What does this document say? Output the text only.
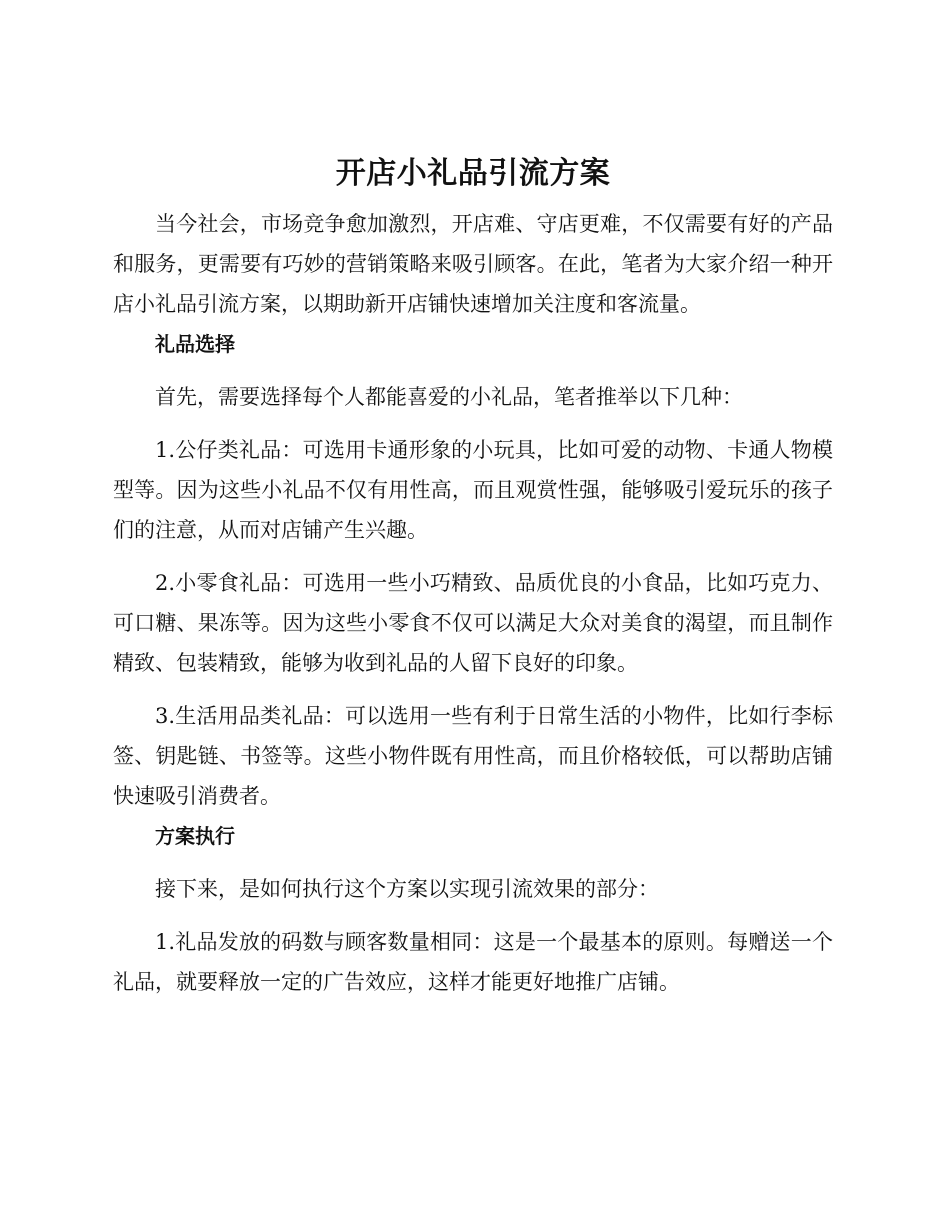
开店小礼品引流方案

当今社会，市场竞争愈加激烈，开店难、守店更难，不仅需要有好的产品和服务，更需要有巧妙的营销策略来吸引顾客。在此，笔者为大家介绍一种开店小礼品引流方案，以期助新开店铺快速增加关注度和客流量。

礼品选择

首先，需要选择每个人都能喜爱的小礼品，笔者推举以下几种：

1.公仔类礼品：可选用卡通形象的小玩具，比如可爱的动物、卡通人物模型等。因为这些小礼品不仅有用性高，而且观赏性强，能够吸引爱玩乐的孩子们的注意，从而对店铺产生兴趣。

2.小零食礼品：可选用一些小巧精致、品质优良的小食品，比如巧克力、可口糖、果冻等。因为这些小零食不仅可以满足大众对美食的渴望，而且制作精致、包装精致，能够为收到礼品的人留下良好的印象。

3.生活用品类礼品：可以选用一些有利于日常生活的小物件，比如行李标签、钥匙链、书签等。这些小物件既有用性高，而且价格较低，可以帮助店铺快速吸引消费者。

方案执行

接下来，是如何执行这个方案以实现引流效果的部分：

1.礼品发放的码数与顾客数量相同：这是一个最基本的原则。每赠送一个礼品，就要释放一定的广告效应，这样才能更好地推广店铺。
